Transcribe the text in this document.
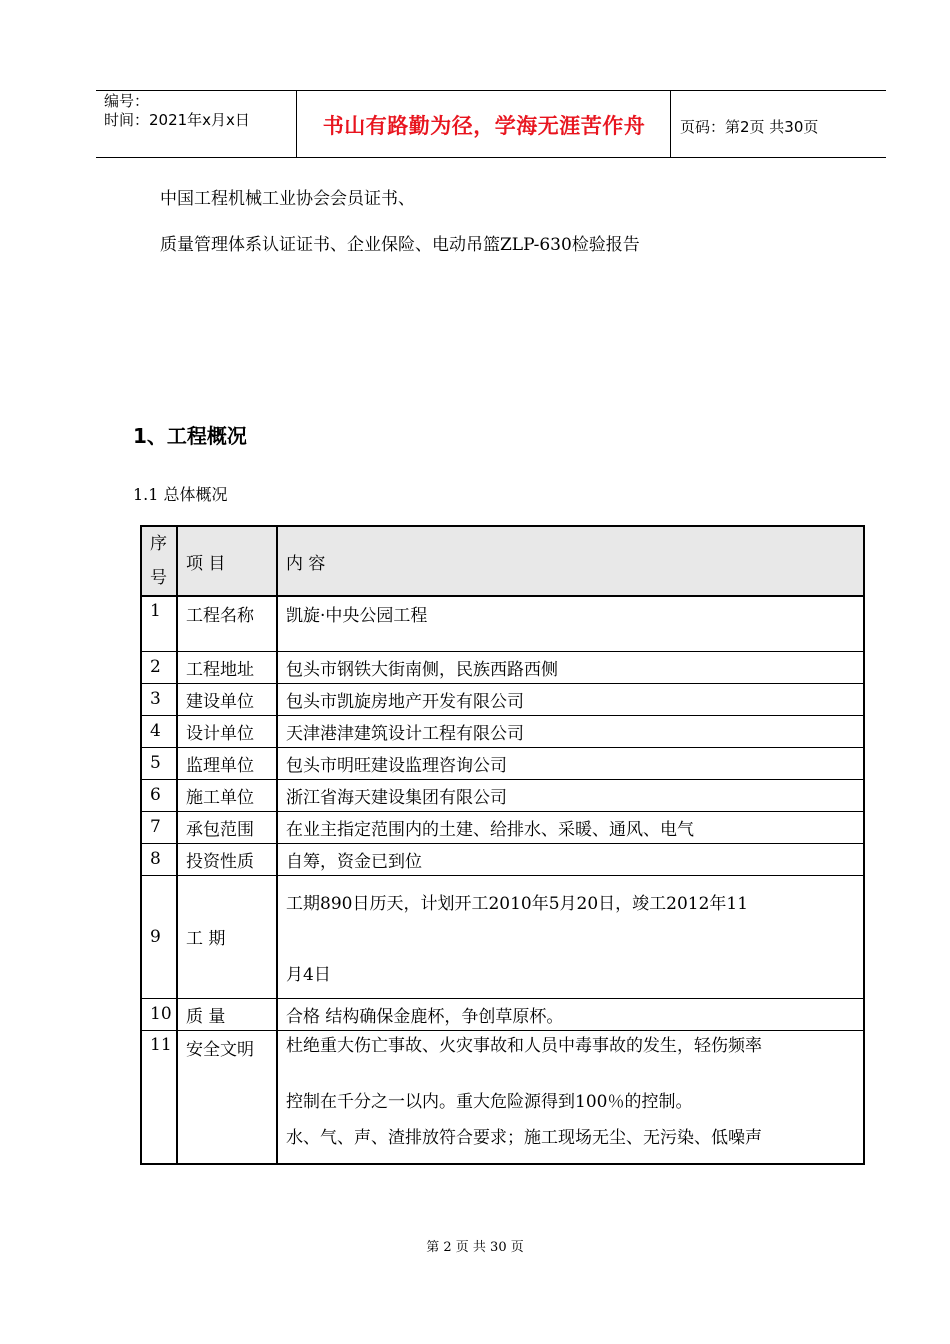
编号：
时间：2021年x月x日	书山有路勤为径，学海无涯苦作舟	页码：第2页 共30页
中国工程机械工业协会会员证书、
质量管理体系认证证书、企业保险、电动吊篮ZLP-630检验报告
1、工程概况
1.1 总体概况
序号	项 目	内 容
1	工程名称	凯旋·中央公园工程
2	工程地址	包头市钢铁大街南侧，民族西路西侧
3	建设单位	包头市凯旋房地产开发有限公司
4	设计单位	天津港津建筑设计工程有限公司
5	监理单位	包头市明旺建设监理咨询公司
6	施工单位	浙江省海天建设集团有限公司
7	承包范围	在业主指定范围内的土建、给排水、采暖、通风、电气
8	投资性质	自筹，资金已到位
9	工 期	工期890日历天，计划开工2010年5月20日，竣工2012年11
月4日

10	质 量	合格 结构确保金鹿杯，争创草原杯。
11	安全文明	杜绝重大伤亡事故、火灾事故和人员中毒事故的发生，轻伤频率
控制在千分之一以内。重大危险源得到100％的控制。
水、气、声、渣排放符合要求；施工现场无尘、无污染、低噪声
第 2 页 共 30 页
